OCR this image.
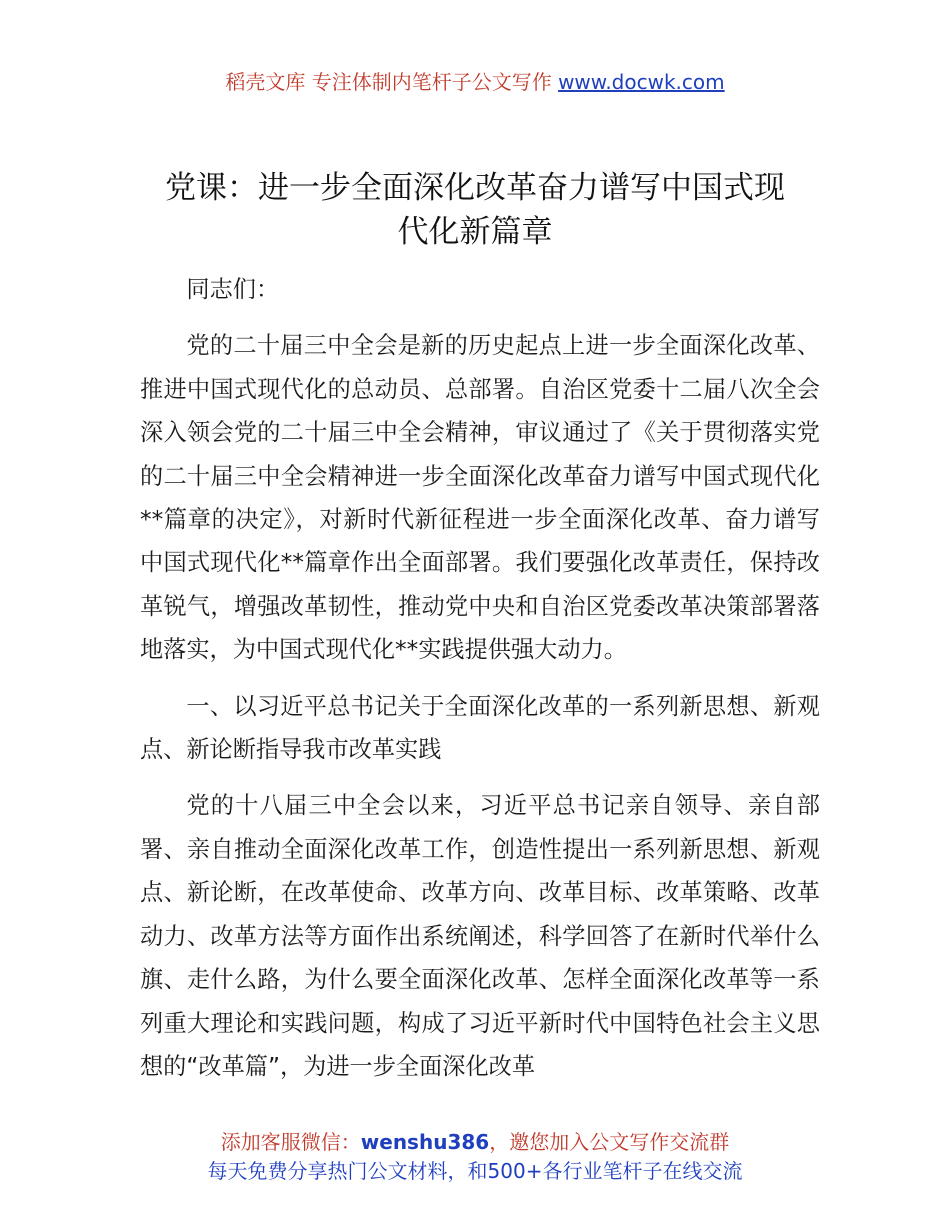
稻壳文库 专注体制内笔杆子公文写作 www.docwk.com
党课：进一步全面深化改革奋力谱写中国式现
代化新篇章

同志们：

党的二十届三中全会是新的历史起点上进一步全面深化改革、推进中国式现代化的总动员、总部署。自治区党委十二届八次全会深入领会党的二十届三中全会精神，审议通过了《关于贯彻落实党的二十届三中全会精神进一步全面深化改革奋力谱写中国式现代化**篇章的决定》，对新时代新征程进一步全面深化改革、奋力谱写中国式现代化**篇章作出全面部署。我们要强化改革责任，保持改革锐气，增强改革韧性，推动党中央和自治区党委改革决策部署落地落实，为中国式现代化**实践提供强大动力。

一、以习近平总书记关于全面深化改革的一系列新思想、新观点、新论断指导我市改革实践

党的十八届三中全会以来，习近平总书记亲自领导、亲自部署、亲自推动全面深化改革工作，创造性提出一系列新思想、新观点、新论断，在改革使命、改革方向、改革目标、改革策略、改革动力、改革方法等方面作出系统阐述，科学回答了在新时代举什么旗、走什么路，为什么要全面深化改革、怎样全面深化改革等一系列重大理论和实践问题，构成了习近平新时代中国特色社会主义思想的“改革篇”，为进一步全面深化改革

添加客服微信：wenshu386，邀您加入公文写作交流群
每天免费分享热门公文材料，和500+各行业笔杆子在线交流
